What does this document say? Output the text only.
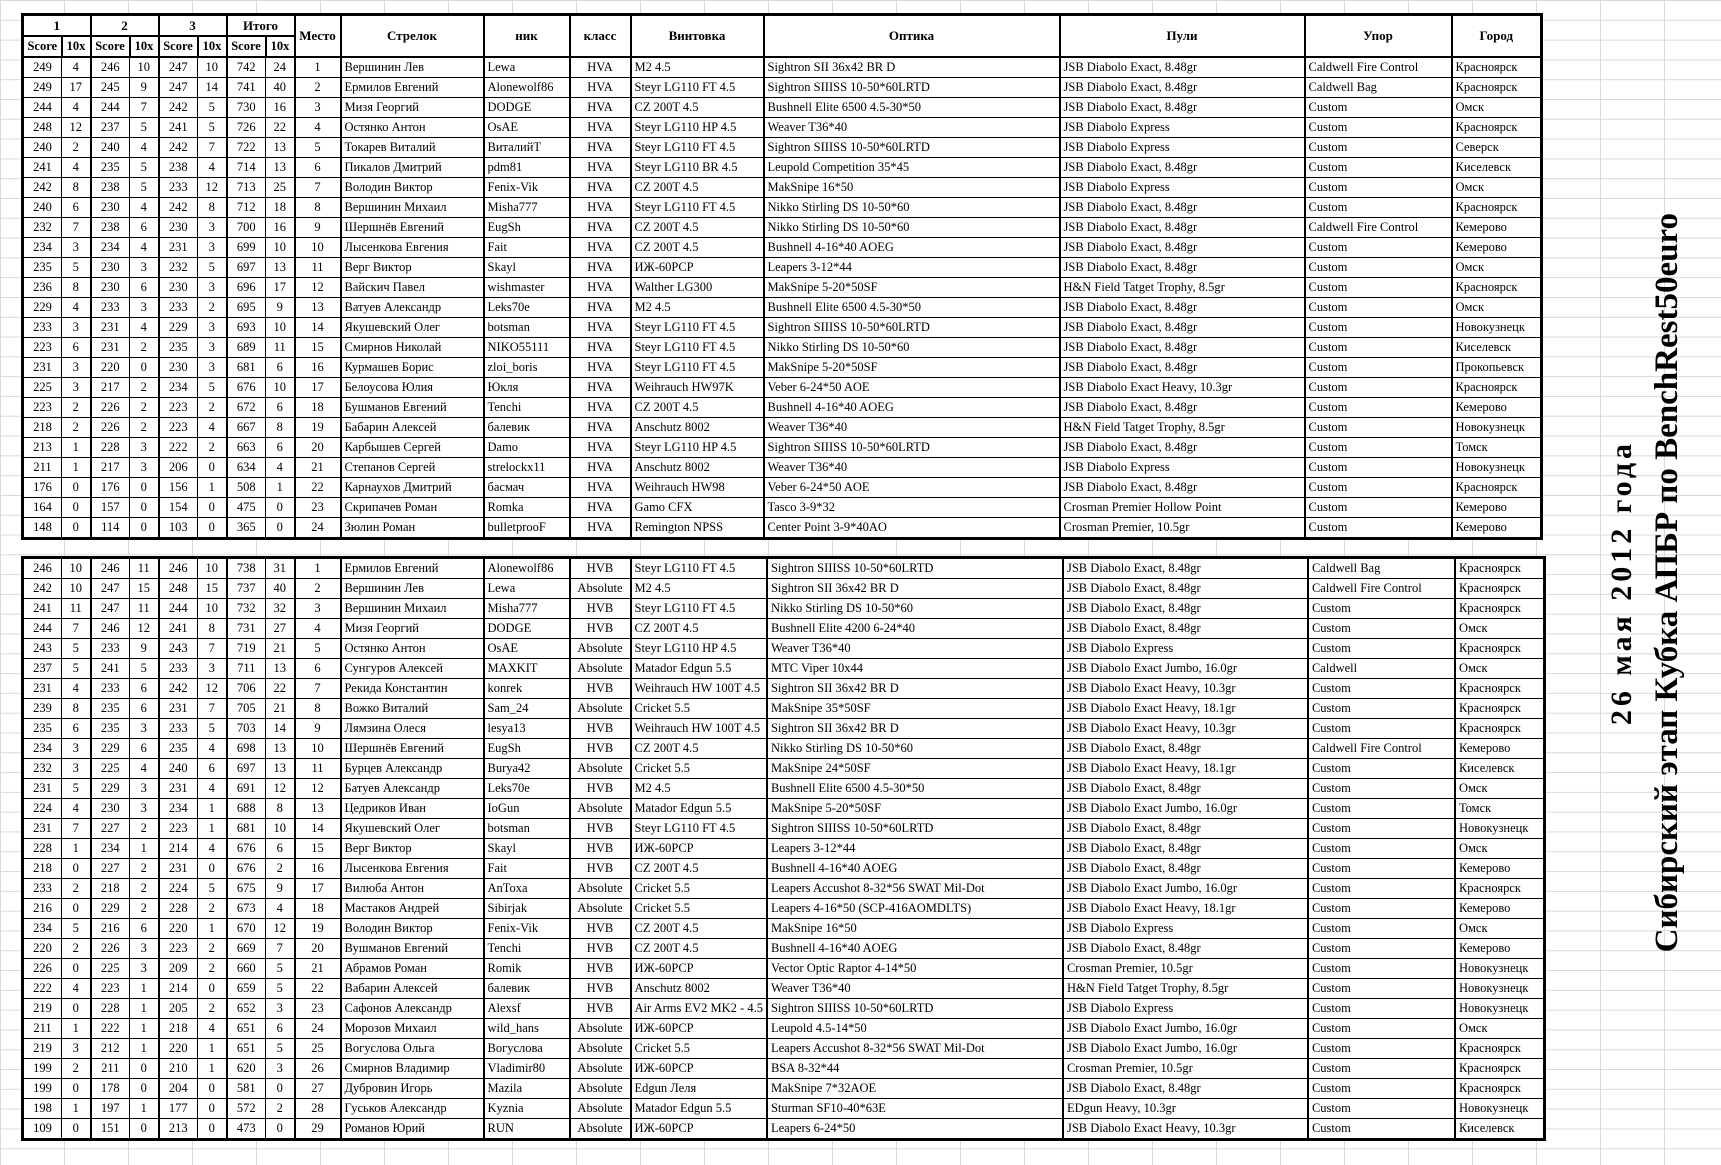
1		2		3		Итого		Место	Стрелок	ник	класс	Винтовка	Оптика	Пули	Упор	Город
Score	10x	Score	10x	Score	10x	Score	10x									
249	4	246	10	247	10	742	24	1	Вершинин Лев	Lewa	HVA	M2 4.5	Sightron SII 36x42 BR D	JSB Diabolo Exact, 8.48gr	Caldwell Fire Control	Красноярск
249	17	245	9	247	14	741	40	2	Ермилов Евгений	Alonewolf86	HVA	Steyr LG110 FT 4.5	Sightron SIIISS 10-50*60LRTD	JSB Diabolo Exact, 8.48gr	Caldwell Bag	Красноярск
244	4	244	7	242	5	730	16	3	Мизя Георгий	DODGE	HVA	CZ 200T 4.5	Bushnell Elite 6500 4.5-30*50	JSB Diabolo Exact, 8.48gr	Custom	Омск
248	12	237	5	241	5	726	22	4	Остянко Антон	OsAE	HVA	Steyr LG110 HP 4.5	Weaver T36*40	JSB Diabolo Express	Custom	Красноярск
240	2	240	4	242	7	722	13	5	Токарев Виталий	ВиталийТ	HVA	Steyr LG110 FT 4.5	Sightron SIIISS 10-50*60LRTD	JSB Diabolo Express	Custom	Северск
241	4	235	5	238	4	714	13	6	Пикалов Дмитрий	pdm81	HVA	Steyr LG110 BR 4.5	Leupold Competition 35*45	JSB Diabolo Exact, 8.48gr	Custom	Киселевск
242	8	238	5	233	12	713	25	7	Володин Виктор	Fenix-Vik	HVA	CZ 200T 4.5	MakSnipe 16*50	JSB Diabolo Express	Custom	Омск
240	6	230	4	242	8	712	18	8	Вершинин Михаил	Misha777	HVA	Steyr LG110 FT 4.5	Nikko Stirling DS 10-50*60	JSB Diabolo Exact, 8.48gr	Custom	Красноярск
232	7	238	6	230	3	700	16	9	Шершнёв Евгений	EugSh	HVA	CZ 200T 4.5	Nikko Stirling DS 10-50*60	JSB Diabolo Exact, 8.48gr	Caldwell Fire Control	Кемерово
234	3	234	4	231	3	699	10	10	Лысенкова Евгения	Fait	HVA	CZ 200T 4.5	Bushnell 4-16*40 AOEG	JSB Diabolo Exact, 8.48gr	Custom	Кемерово
235	5	230	3	232	5	697	13	11	Верг Виктор	Skayl	HVA	ИЖ-60PCP	Leapers 3-12*44	JSB Diabolo Exact, 8.48gr	Custom	Омск
236	8	230	6	230	3	696	17	12	Вайскич Павел	wishmaster	HVA	Walther LG300	MakSnipe 5-20*50SF	H&N Field Tatget Trophy, 8.5gr	Custom	Красноярск
229	4	233	3	233	2	695	9	13	Ватуев Александр	Leks70e	HVA	M2 4.5	Bushnell Elite 6500 4.5-30*50	JSB Diabolo Exact, 8.48gr	Custom	Омск
233	3	231	4	229	3	693	10	14	Якушевский Олег	botsman	HVA	Steyr LG110 FT 4.5	Sightron SIIISS 10-50*60LRTD	JSB Diabolo Exact, 8.48gr	Custom	Новокузнецк
223	6	231	2	235	3	689	11	15	Смирнов Николай	NIKO55111	HVA	Steyr LG110 FT 4.5	Nikko Stirling DS 10-50*60	JSB Diabolo Exact, 8.48gr	Custom	Киселевск
231	3	220	0	230	3	681	6	16	Курмашев Борис	zloi_boris	HVA	Steyr LG110 FT 4.5	MakSnipe 5-20*50SF	JSB Diabolo Exact, 8.48gr	Custom	Прокопьевск
225	3	217	2	234	5	676	10	17	Белоусова Юлия	Юкля	HVA	Weihrauch HW97K	Veber 6-24*50 AOE	JSB Diabolo Exact Heavy, 10.3gr	Custom	Красноярск
223	2	226	2	223	2	672	6	18	Бушманов Евгений	Tenchi	HVA	CZ 200T 4.5	Bushnell 4-16*40 AOEG	JSB Diabolo Exact, 8.48gr	Custom	Кемерово
218	2	226	2	223	4	667	8	19	Бабарин Алексей	балевик	HVA	Anschutz 8002	Weaver T36*40	H&N Field Tatget Trophy, 8.5gr	Custom	Новокузнецк
213	1	228	3	222	2	663	6	20	Карбышев Сергей	Damo	HVA	Steyr LG110 HP 4.5	Sightron SIIISS 10-50*60LRTD	JSB Diabolo Exact, 8.48gr	Custom	Томск
211	1	217	3	206	0	634	4	21	Степанов Сергей	strelockx11	HVA	Anschutz 8002	Weaver T36*40	JSB Diabolo Express	Custom	Новокузнецк
176	0	176	0	156	1	508	1	22	Карнаухов Дмитрий	басмач	HVA	Weihrauch HW98	Veber 6-24*50 AOE	JSB Diabolo Exact, 8.48gr	Custom	Красноярск
164	0	157	0	154	0	475	0	23	Скрипачев Роман	Romka	HVA	Gamo CFX	Tasco 3-9*32	Crosman Premier Hollow Point	Custom	Кемерово
148	0	114	0	103	0	365	0	24	Зюлин Роман	bulletprooF	HVA	Remington NPSS	Center Point 3-9*40AO	Crosman Premier, 10.5gr	Custom	Кемерово
246	10	246	11	246	10	738	31	1	Ермилов Евгений	Alonewolf86	HVB	Steyr LG110 FT 4.5	Sightron SIIISS 10-50*60LRTD	JSB Diabolo Exact, 8.48gr	Caldwell Bag	Красноярск
242	10	247	15	248	15	737	40	2	Вершинин Лев	Lewa	Absolute	M2 4.5	Sightron SII 36x42 BR D	JSB Diabolo Exact, 8.48gr	Caldwell Fire Control	Красноярск
241	11	247	11	244	10	732	32	3	Вершинин Михаил	Misha777	HVB	Steyr LG110 FT 4.5	Nikko Stirling DS 10-50*60	JSB Diabolo Exact, 8.48gr	Custom	Красноярск
244	7	246	12	241	8	731	27	4	Мизя Георгий	DODGE	HVB	CZ 200T 4.5	Bushnell Elite 4200 6-24*40	JSB Diabolo Exact, 8.48gr	Custom	Омск
243	5	233	9	243	7	719	21	5	Остянко Антон	OsAE	Absolute	Steyr LG110 HP 4.5	Weaver T36*40	JSB Diabolo Express	Custom	Красноярск
237	5	241	5	233	3	711	13	6	Сунгуров Алексей	MAXKIT	Absolute	Matador Edgun 5.5	MTC Viper 10x44	JSB Diabolo Exact Jumbo, 16.0gr	Caldwell	Омск
231	4	233	6	242	12	706	22	7	Рекида Константин	konrek	HVB	Weihrauch HW 100T 4.5	Sightron SII 36x42 BR D	JSB Diabolo Exact Heavy, 10.3gr	Custom	Красноярск
239	8	235	6	231	7	705	21	8	Вожко Виталий	Sam_24	Absolute	Cricket 5.5	MakSnipe 35*50SF	JSB Diabolo Exact Heavy, 18.1gr	Custom	Красноярск
235	6	235	3	233	5	703	14	9	Лямзина Олеся	lesya13	HVB	Weihrauch HW 100T 4.5	Sightron SII 36x42 BR D	JSB Diabolo Exact Heavy, 10.3gr	Custom	Красноярск
234	3	229	6	235	4	698	13	10	Шершнёв Евгений	EugSh	HVB	CZ 200T 4.5	Nikko Stirling DS 10-50*60	JSB Diabolo Exact, 8.48gr	Caldwell Fire Control	Кемерово
232	3	225	4	240	6	697	13	11	Бурцев Александр	Burya42	Absolute	Cricket 5.5	MakSnipe 24*50SF	JSB Diabolo Exact Heavy, 18.1gr	Custom	Киселевск
231	5	229	3	231	4	691	12	12	Батуев Александр	Leks70e	HVB	M2 4.5	Bushnell Elite 6500 4.5-30*50	JSB Diabolo Exact, 8.48gr	Custom	Омск
224	4	230	3	234	1	688	8	13	Цедриков Иван	IoGun	Absolute	Matador Edgun 5.5	MakSnipe 5-20*50SF	JSB Diabolo Exact Jumbo, 16.0gr	Custom	Томск
231	7	227	2	223	1	681	10	14	Якушевский Олег	botsman	HVB	Steyr LG110 FT 4.5	Sightron SIIISS 10-50*60LRTD	JSB Diabolo Exact, 8.48gr	Custom	Новокузнецк
228	1	234	1	214	4	676	6	15	Верг Виктор	Skayl	HVB	ИЖ-60PCP	Leapers 3-12*44	JSB Diabolo Exact, 8.48gr	Custom	Омск
218	0	227	2	231	0	676	2	16	Лысенкова Евгения	Fait	HVB	CZ 200T 4.5	Bushnell 4-16*40 AOEG	JSB Diabolo Exact, 8.48gr	Custom	Кемерово
233	2	218	2	224	5	675	9	17	Вилюба Антон	AnToxa	Absolute	Cricket 5.5	Leapers Accushot 8-32*56 SWAT Mil-Dot	JSB Diabolo Exact Jumbo, 16.0gr	Custom	Красноярск
216	0	229	2	228	2	673	4	18	Мастаков Андрей	Sibirjak	Absolute	Cricket 5.5	Leapers 4-16*50 (SCP-416AOMDLTS)	JSB Diabolo Exact Heavy, 18.1gr	Custom	Кемерово
234	5	216	6	220	1	670	12	19	Володин Виктор	Fenix-Vik	HVB	CZ 200T 4.5	MakSnipe 16*50	JSB Diabolo Express	Custom	Омск
220	2	226	3	223	2	669	7	20	Вушманов Евгений	Tenchi	HVB	CZ 200T 4.5	Bushnell 4-16*40 AOEG	JSB Diabolo Exact, 8.48gr	Custom	Кемерово
226	0	225	3	209	2	660	5	21	Абрамов Роман	Romik	HVB	ИЖ-60PCP	Vector Optic Raptor 4-14*50	Crosman Premier, 10.5gr	Custom	Новокузнецк
222	4	223	1	214	0	659	5	22	Вабарин Алексей	балевик	HVB	Anschutz 8002	Weaver T36*40	H&N Field Tatget Trophy, 8.5gr	Custom	Новокузнецк
219	0	228	1	205	2	652	3	23	Сафонов Александр	Alexsf	HVB	Air Arms EV2 MK2 - 4.5	Sightron SIIISS 10-50*60LRTD	JSB Diabolo Express	Custom	Новокузнецк
211	1	222	1	218	4	651	6	24	Морозов Михаил	wild_hans	Absolute	ИЖ-60PCP	Leupold 4.5-14*50	JSB Diabolo Exact Jumbo, 16.0gr	Custom	Омск
219	3	212	1	220	1	651	5	25	Вогуслова Ольга	Вогуслова	Absolute	Cricket 5.5	Leapers Accushot 8-32*56 SWAT Mil-Dot	JSB Diabolo Exact Jumbo, 16.0gr	Custom	Красноярск
199	2	211	0	210	1	620	3	26	Смирнов Владимир	Vladimir80	Absolute	ИЖ-60PCP	BSA 8-32*44	Crosman Premier, 10.5gr	Custom	Красноярск
199	0	178	0	204	0	581	0	27	Дубровин Игорь	Mazila	Absolute	Edgun Леля	MakSnipe 7*32AOE	JSB Diabolo Exact, 8.48gr	Custom	Красноярск
198	1	197	1	177	0	572	2	28	Гуськов Александр	Kyznia	Absolute	Matador Edgun 5.5	Sturman SF10-40*63E	EDgun Heavy, 10.3gr	Custom	Новокузнецк
109	0	151	0	213	0	473	0	29	Романов Юрий	RUN	Absolute	ИЖ-60PCP	Leapers 6-24*50	JSB Diabolo Exact Heavy, 10.3gr	Custom	Киселевск
26 мая 2012 года Сибирский этап Кубка АПБР по BenchRest50euro
